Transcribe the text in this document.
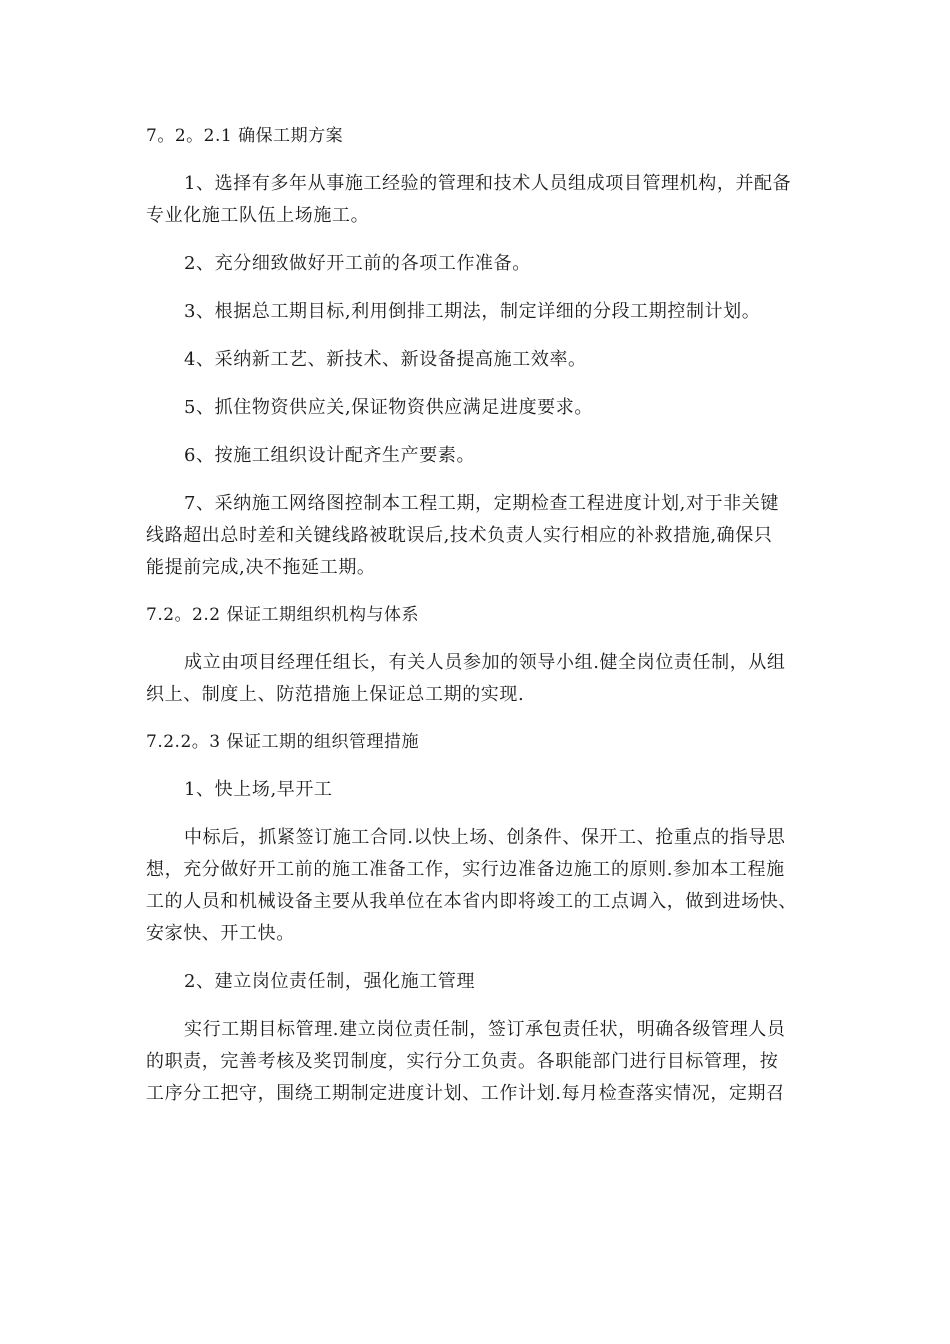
7。2。2.1 确保工期方案
1、选择有多年从事施工经验的管理和技术人员组成项目管理机构，并配备
专业化施工队伍上场施工。
2、充分细致做好开工前的各项工作准备。
3、根据总工期目标,利用倒排工期法，制定详细的分段工期控制计划。
4、采纳新工艺、新技术、新设备提高施工效率。
5、抓住物资供应关,保证物资供应满足进度要求。
6、按施工组织设计配齐生产要素。
7、采纳施工网络图控制本工程工期，定期检查工程进度计划,对于非关键
线路超出总时差和关键线路被耽误后,技术负责人实行相应的补救措施,确保只
能提前完成,决不拖延工期。
7.2。2.2 保证工期组织机构与体系
成立由项目经理任组长，有关人员参加的领导小组.健全岗位责任制，从组
织上、制度上、防范措施上保证总工期的实现.
7.2.2。3 保证工期的组织管理措施
1、快上场,早开工
中标后，抓紧签订施工合同.以快上场、创条件、保开工、抢重点的指导思
想，充分做好开工前的施工准备工作，实行边准备边施工的原则.参加本工程施
工的人员和机械设备主要从我单位在本省内即将竣工的工点调入，做到进场快、
安家快、开工快。
2、建立岗位责任制，强化施工管理
实行工期目标管理.建立岗位责任制，签订承包责任状，明确各级管理人员
的职责，完善考核及奖罚制度，实行分工负责。各职能部门进行目标管理，按
工序分工把守，围绕工期制定进度计划、工作计划.每月检查落实情况，定期召
